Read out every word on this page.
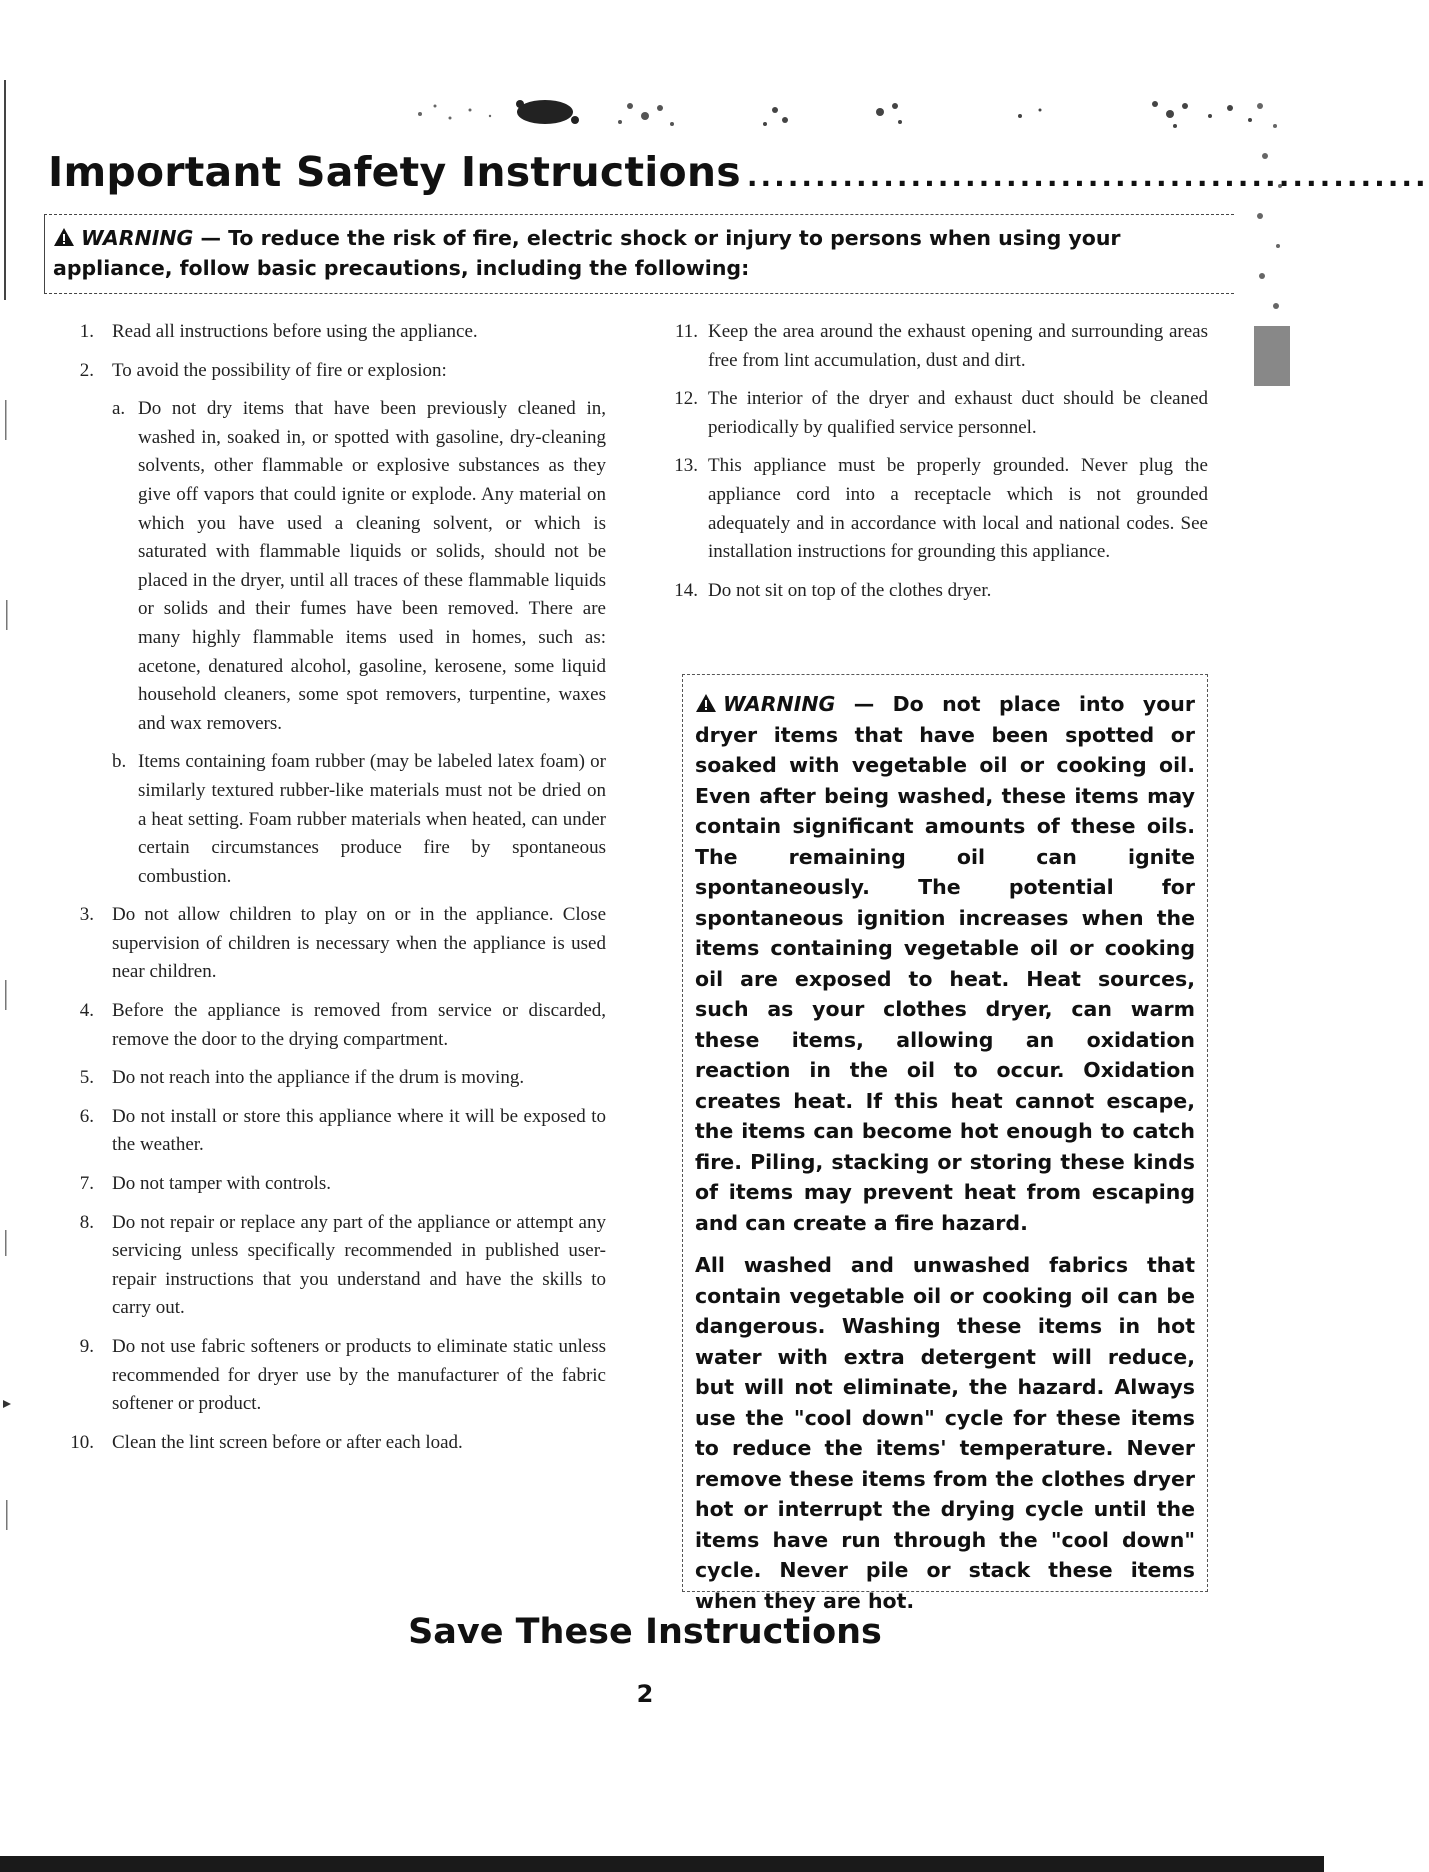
Important Safety Instructions ..................................................
WARNING — To reduce the risk of fire, electric shock or injury to persons when using your appliance, follow basic precautions, including the following:
1. Read all instructions before using the appliance.
2. To avoid the possibility of fire or explosion:
a. Do not dry items that have been previously cleaned in, washed in, soaked in, or spotted with gasoline, dry-cleaning solvents, other flammable or explosive substances as they give off vapors that could ignite or explode. Any material on which you have used a cleaning solvent, or which is saturated with flammable liquids or solids, should not be placed in the dryer, until all traces of these flammable liquids or solids and their fumes have been removed. There are many highly flammable items used in homes, such as: acetone, denatured alcohol, gasoline, kerosene, some liquid household cleaners, some spot removers, turpentine, waxes and wax removers.
b. Items containing foam rubber (may be labeled latex foam) or similarly textured rubber-like materials must not be dried on a heat setting. Foam rubber materials when heated, can under certain circumstances produce fire by spontaneous combustion.
3. Do not allow children to play on or in the appliance. Close supervision of children is necessary when the appliance is used near children.
4. Before the appliance is removed from service or discarded, remove the door to the drying compartment.
5. Do not reach into the appliance if the drum is moving.
6. Do not install or store this appliance where it will be exposed to the weather.
7. Do not tamper with controls.
8. Do not repair or replace any part of the appliance or attempt any servicing unless specifically recommended in published user-repair instructions that you understand and have the skills to carry out.
9. Do not use fabric softeners or products to eliminate static unless recommended for dryer use by the manufacturer of the fabric softener or product.
10. Clean the lint screen before or after each load.
11. Keep the area around the exhaust opening and surrounding areas free from lint accumulation, dust and dirt.
12. The interior of the dryer and exhaust duct should be cleaned periodically by qualified service personnel.
13. This appliance must be properly grounded. Never plug the appliance cord into a receptacle which is not grounded adequately and in accordance with local and national codes. See installation instructions for grounding this appliance.
14. Do not sit on top of the clothes dryer.

WARNING — Do not place into your dryer items that have been spotted or soaked with vegetable oil or cooking oil. Even after being washed, these items may contain significant amounts of these oils. The remaining oil can ignite spontaneously. The potential for spontaneous ignition increases when the items containing vegetable oil or cooking oil are exposed to heat. Heat sources, such as your clothes dryer, can warm these items, allowing an oxidation reaction in the oil to occur. Oxidation creates heat. If this heat cannot escape, the items can become hot enough to catch fire. Piling, stacking or storing these kinds of items may prevent heat from escaping and can create a fire hazard.

All washed and unwashed fabrics that contain vegetable oil or cooking oil can be dangerous. Washing these items in hot water with extra detergent will reduce, but will not eliminate, the hazard. Always use the "cool down" cycle for these items to reduce the items' temperature. Never remove these items from the clothes dryer hot or interrupt the drying cycle until the items have run through the "cool down" cycle. Never pile or stack these items when they are hot.

Save These Instructions
2
